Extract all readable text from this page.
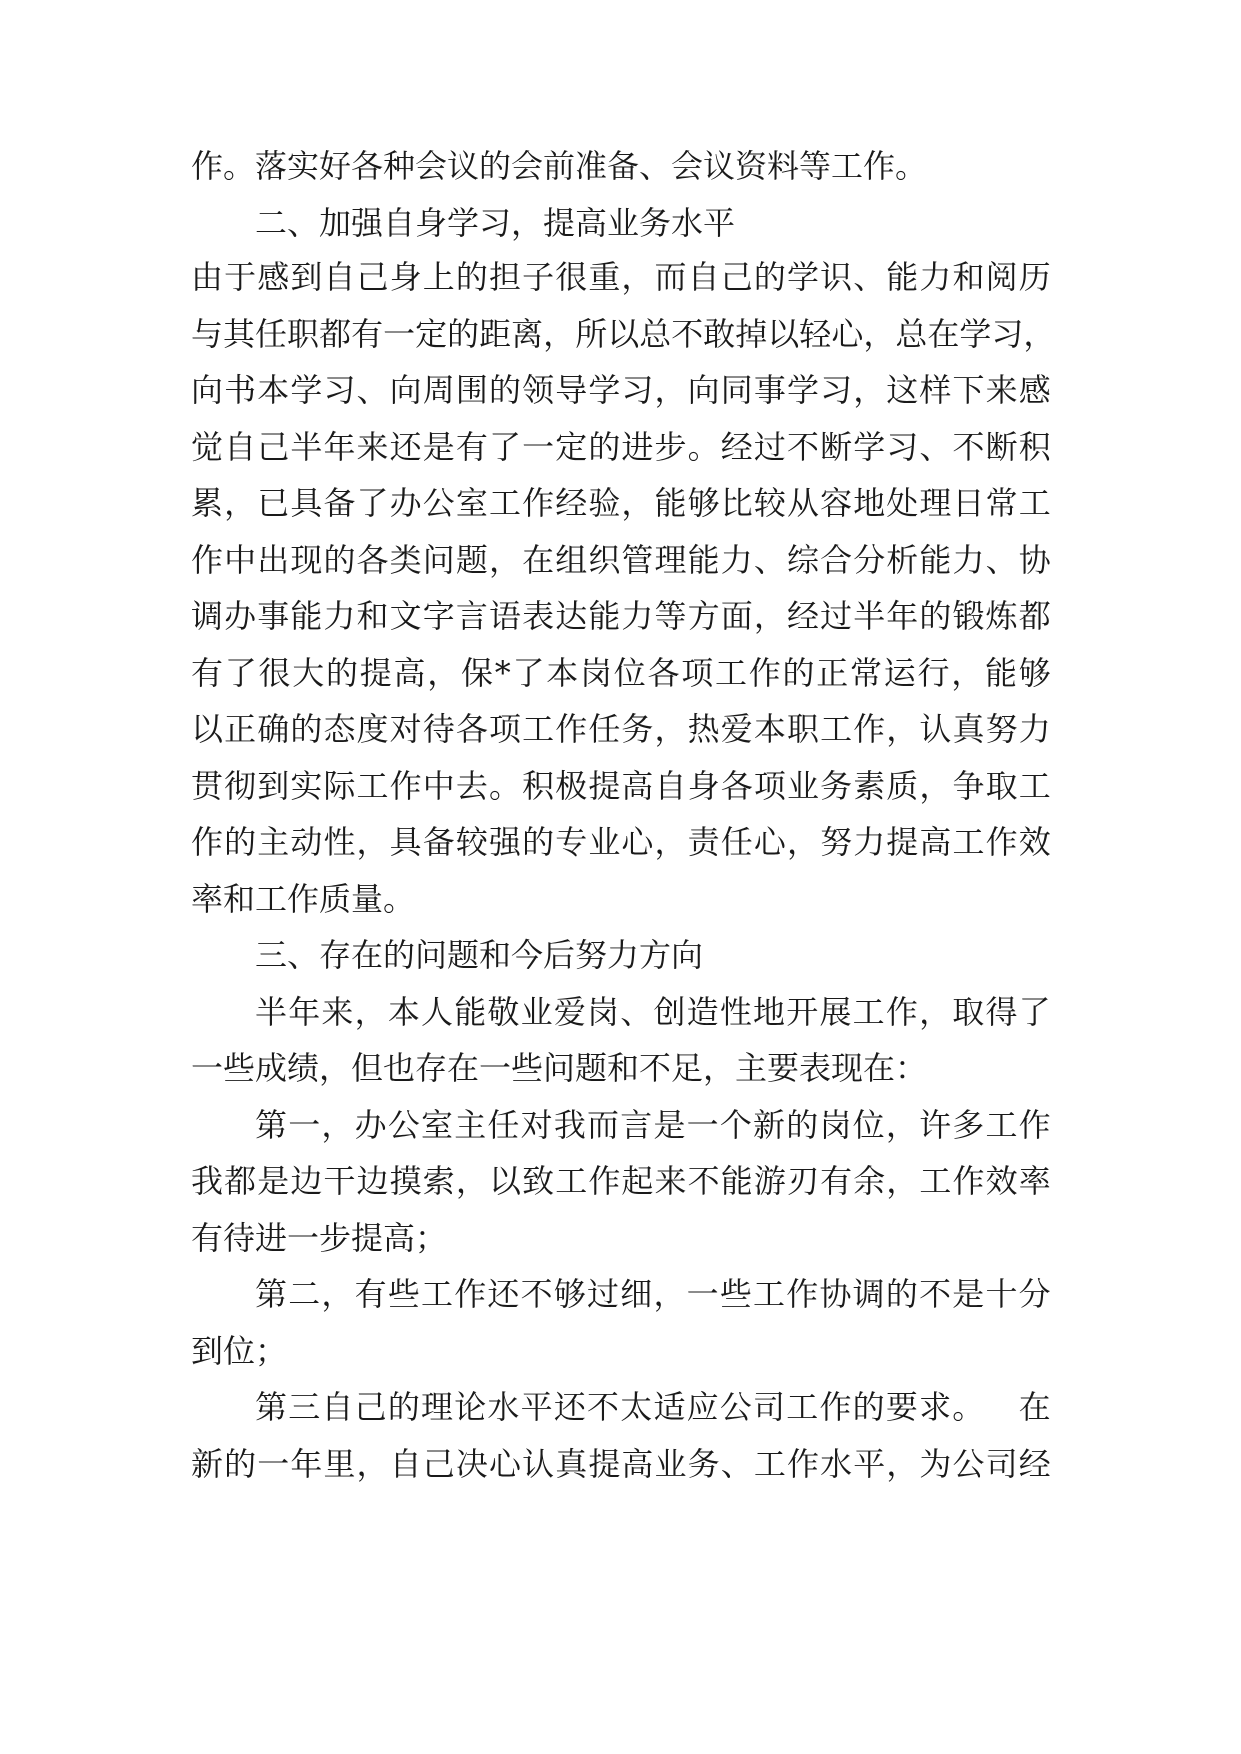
作。落实好各种会议的会前准备、会议资料等工作。
二、加强自身学习，提高业务水平
由 于 感 到 自 己 身 上 的 担 子 很 重 ， 而 自 己 的 学 识 、 能 力 和 阅 历
与 其 任 职 都 有 一 定 的 距 离 ， 所 以 总 不 敢 掉 以 轻 心 ， 总 在 学 习 ，
向 书 本 学 习 、 向 周 围 的 领 导 学 习 ， 向 同 事 学 习 ， 这 样 下 来 感
觉 自 己 半 年 来 还 是 有 了 一 定 的 进 步 。 经 过 不 断 学 习 、 不 断 积
累 ， 已 具 备 了 办 公 室 工 作 经 验 ， 能 够 比 较 从 容 地 处 理 日 常 工
作 中 出 现 的 各 类 问 题 ， 在 组 织 管 理 能 力 、 综 合 分 析 能 力 、 协
调 办 事 能 力 和 文 字 言 语 表 达 能 力 等 方 面 ， 经 过 半 年 的 锻 炼 都
有 了 很 大 的 提 高 ， 保 * 了 本 岗 位 各 项 工 作 的 正 常 运 行 ， 能 够
以 正 确 的 态 度 对 待 各 项 工 作 任 务 ， 热 爱 本 职 工 作 ， 认 真 努 力
贯 彻 到 实 际 工 作 中 去 。 积 极 提 高 自 身 各 项 业 务 素 质 ， 争 取 工
作 的 主 动 性 ， 具 备 较 强 的 专 业 心 ， 责 任 心 ， 努 力 提 高 工 作 效
率和工作质量。
三、存在的问题和今后努力方向
半 年 来 ， 本 人 能 敬 业 爱 岗 、 创 造 性 地 开 展 工 作 ， 取 得 了
一些成绩，但也存在一些问题和不足，主要表现在：
第 一 ， 办 公 室 主 任 对 我 而 言 是 一 个 新 的 岗 位 ， 许 多 工 作
我 都 是 边 干 边 摸 索 ， 以 致 工 作 起 来 不 能 游 刃 有 余 ， 工 作 效 率
有待进一步提高；
第 二 ， 有 些 工 作 还 不 够 过 细 ， 一 些 工 作 协 调 的 不 是 十 分
到位；
第 三 自 己 的 理 论 水 平 还 不 太 适 应 公 司 工 作 的 要 求 。
　 在
新 的 一 年 里 ， 自 己 决 心 认 真 提 高 业 务 、 工 作 水 平 ， 为 公 司 经
